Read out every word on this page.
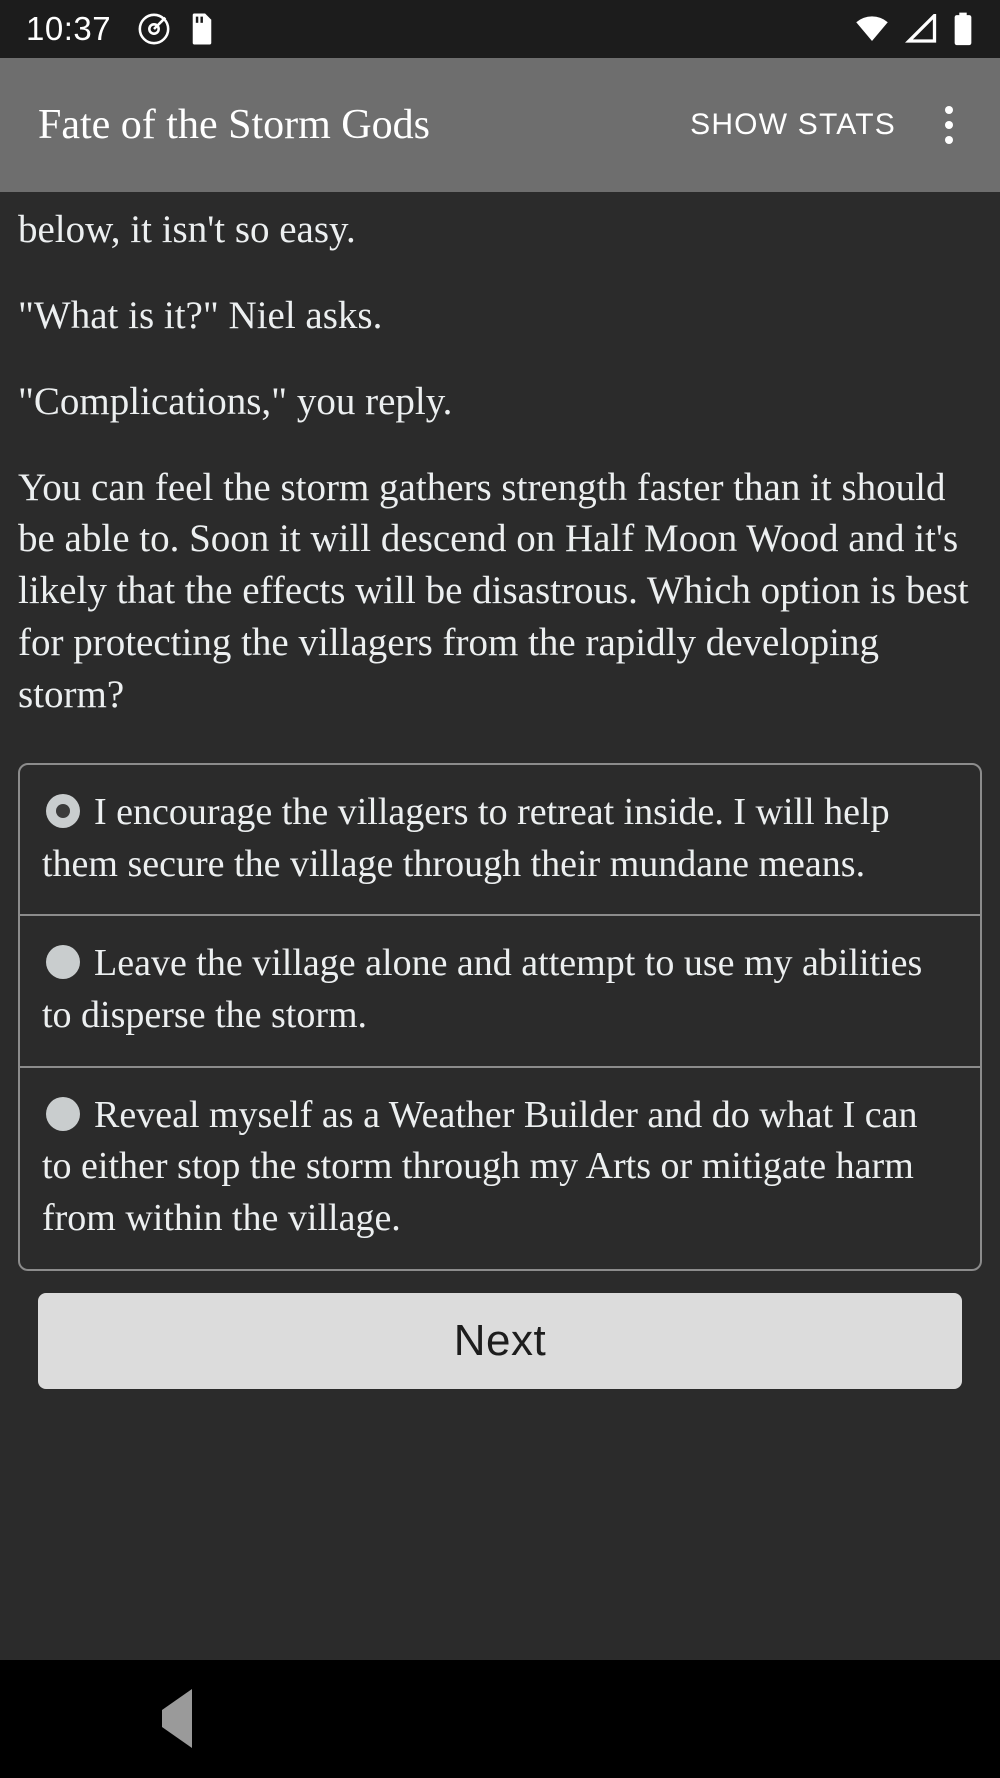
10:37
Fate of the Storm Gods	SHOW STATS

below, it isn't so easy.

"What is it?" Niel asks.

"Complications," you reply.

You can feel the storm gathers strength faster than it should be able to. Soon it will descend on Half Moon Wood and it's likely that the effects will be disastrous. Which option is best for protecting the villagers from the rapidly developing storm?

I encourage the villagers to retreat inside. I will help them secure the village through their mundane means.
Leave the village alone and attempt to use my abilities to disperse the storm.
Reveal myself as a Weather Builder and do what I can to either stop the storm through my Arts or mitigate harm from within the village.
Next
